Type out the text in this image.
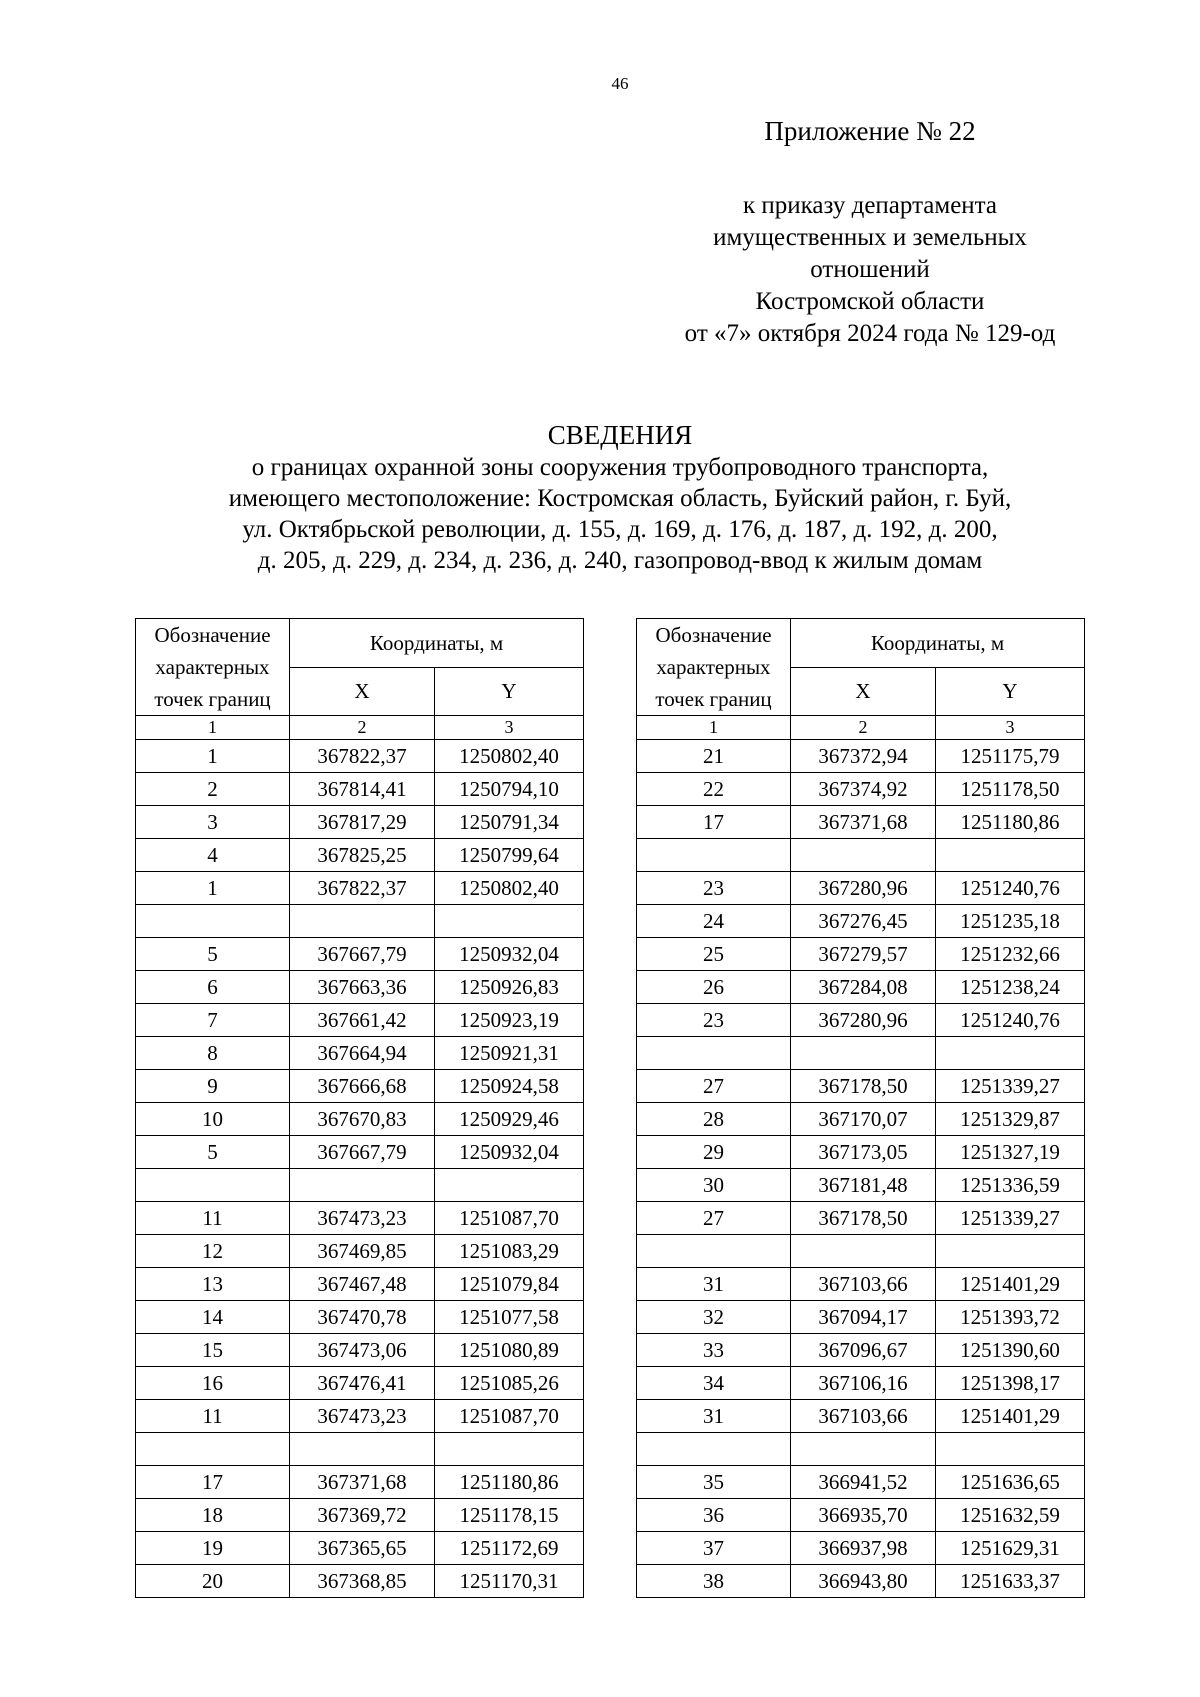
46
Приложение № 22
к приказу департамента
имущественных и земельных
отношений
Костромской области
от «7» октября 2024 года № 129-од
СВЕДЕНИЯ
о границах охранной зоны сооружения трубопроводного транспорта,
имеющего местоположение: Костромская область, Буйский район, г. Буй,
ул. Октябрьской революции, д. 155, д. 169, д. 176, д. 187, д. 192, д. 200,
д. 205, д. 229, д. 234, д. 236, д. 240, газопровод-ввод к жилым домам
Обозначение
характерных
точек границ	Координаты, м	
	X	Y
1	2	3
1	367822,37	1250802,40
2	367814,41	1250794,10
3	367817,29	1250791,34
4	367825,25	1250799,64
1	367822,37	1250802,40

5	367667,79	1250932,04
6	367663,36	1250926,83
7	367661,42	1250923,19
8	367664,94	1250921,31
9	367666,68	1250924,58
10	367670,83	1250929,46
5	367667,79	1250932,04

11	367473,23	1251087,70
12	367469,85	1251083,29
13	367467,48	1251079,84
14	367470,78	1251077,58
15	367473,06	1251080,89
16	367476,41	1251085,26
11	367473,23	1251087,70

17	367371,68	1251180,86
18	367369,72	1251178,15
19	367365,65	1251172,69
20	367368,85	1251170,31
Обозначение
характерных
точек границ	Координаты, м	
	X	Y
1	2	3
21	367372,94	1251175,79
22	367374,92	1251178,50
17	367371,68	1251180,86

23	367280,96	1251240,76
24	367276,45	1251235,18
25	367279,57	1251232,66
26	367284,08	1251238,24
23	367280,96	1251240,76

27	367178,50	1251339,27
28	367170,07	1251329,87
29	367173,05	1251327,19
30	367181,48	1251336,59
27	367178,50	1251339,27

31	367103,66	1251401,29
32	367094,17	1251393,72
33	367096,67	1251390,60
34	367106,16	1251398,17
31	367103,66	1251401,29

35	366941,52	1251636,65
36	366935,70	1251632,59
37	366937,98	1251629,31
38	366943,80	1251633,37
